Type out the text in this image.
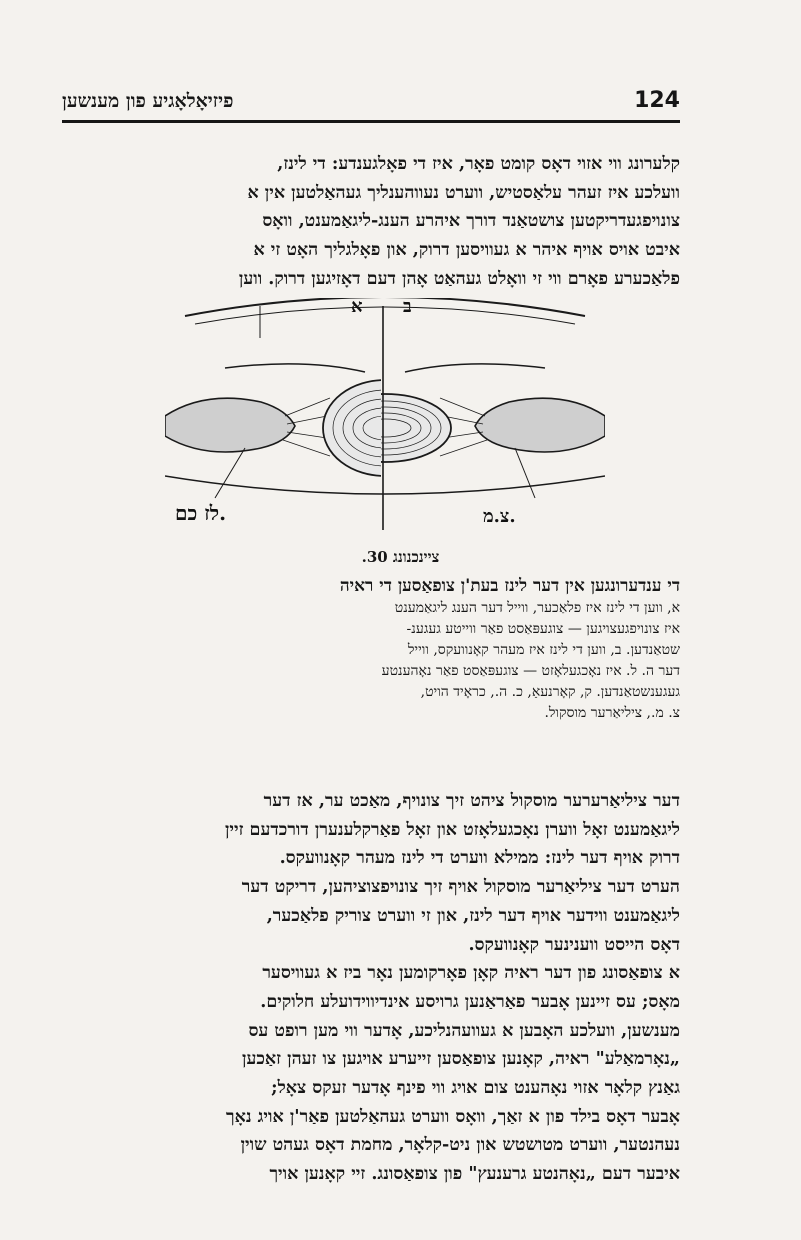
124
פיזיאָלאָגיע פון מענשען
קלערונג ווי אזוי דאָס קומט פאָר, איז די פאָלגענדע: די לינז,
וועלכע איז זעהר עלאַסטיש, ווערט נעווהענליך געהאַלטען אין א
צונויפגעדריקטען צושטאַנד דורך איהרע הענג-ליגאַמענט, וואָס
איבט אויס אויף איהר א געוויסען דרוק, און פאָלגליך האָט זי א
פלאַכערע פאָרם ווי זי וואָלט געהאַט אָהן דעם דאָזיגען דרוק. ווען
ב
א
לז כם.	צ.מ.
ציינכנונג 30.
די ענדערונגען אין דער לינז בעת'ן צופאַסען די ראיה
א, ווען די לינז איז פלאַכער, ווייל דער הענג ליגאַמענט
איז צונויפגעצויגען — צוגעפּאַסט פאַר ווייטע געגענ-
שטאַנדען. ב, ווען די לינז איז מעהר קאָנוועקס, ווייל
דער ה. ל. איז נאָכגעלאָזט — צוגעפּאַסט פאַר נאָהענטע
געגענשטאַנדען. ק, קאָרנעאַ, כ. ה., כראָיד הויט,
צ. מ., ציליאַרער מוסקול.
דער ציליאַרערער מוסקול ציהט זיך צונויף, מאַכט ער, אז דער
ליגאַמענט זאָל ווערן נאָכגעלאָזט און זאָל פאַרקלענערן דורכדעם זיין
דרוק אויף דער לינז: ממילא ווערט די לינז מעהר קאָנוועקס.
הערט דער ציליאַרער מוסקול אויף זיך צונויפצוציהען, דריקט דער
ליגאַמענט ווידער אויף דער לינז, און זי ווערט צוריק פלאַכער,
דאָס הייסט ווענינער קאָנוועקס.
א צופאַסונג פון דער ראיה קאָן פאָרקומען נאָר ביז א געוויסער
מאָס; עס זיינען אָבער פאַראַנען גרויסע אינדיווידועלע חלוקים.
מענשען, וועלכע האָבען א געוועהנליכע, אָדער ווי מען רופט עס
„נאָרמאַלע" ראיה, קאָנען צופאַסען זייערע אויגען צו זעהן זאַכען
גאַנץ קלאָר אזוי נאָהענט צום אויג ווי פינף אָדער זעקס צאָל;
אָבער דאָס בילד פון א זאַך, וואָס ווערט געהאַלטען פאַר'ן אויג נאָך
נעהנטער, ווערט מטושטש און ניט-קלאָר, מחמת דאָס געהט שוין
איבער דעם „נאָהנטע גרענעץ" פון צופאַסונג. זיי קאָנען אויך
